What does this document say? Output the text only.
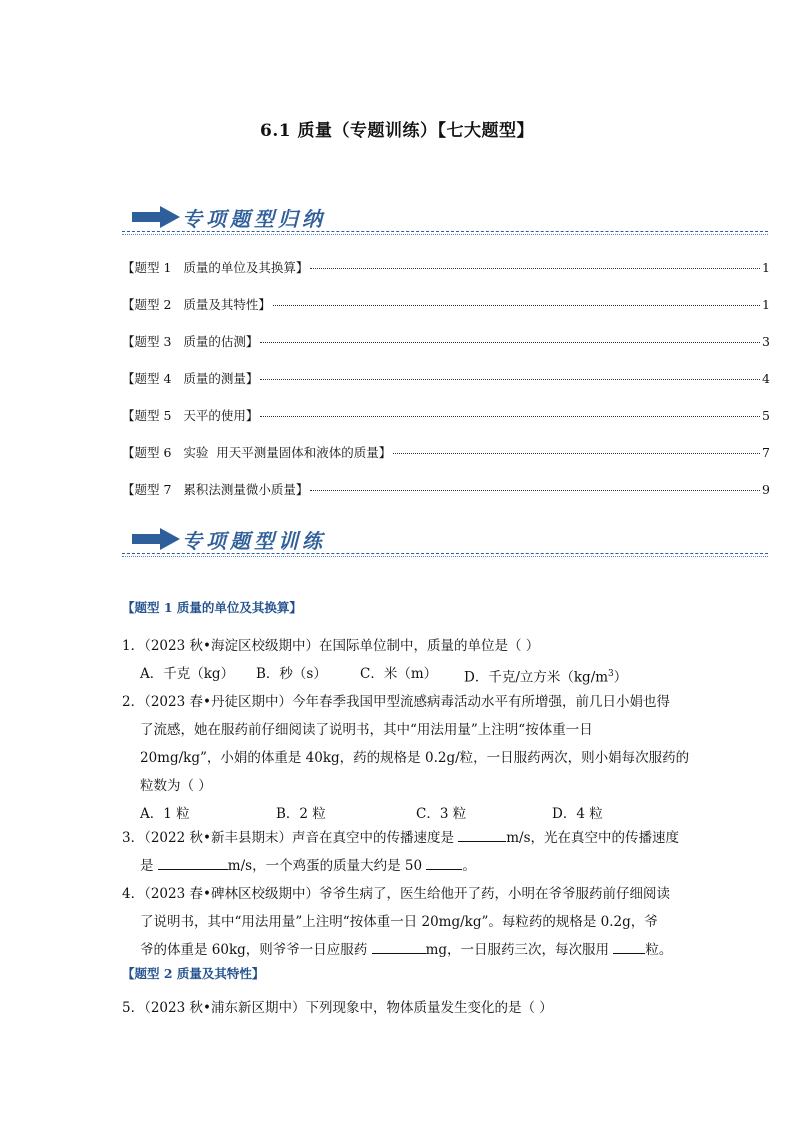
6.1 质量（专题训练）【七大题型】
专项题型归纳
【题型 1   质量的单位及其换算】	1
【题型 2   质量及其特性】	1
【题型 3   质量的估测】	3
【题型 4   质量的测量】	4
【题型 5   天平的使用】	5
【题型 6   实验  用天平测量固体和液体的质量】	7
【题型 7   累积法测量微小质量】	9
专项题型训练
【题型 1 质量的单位及其换算】
1．（2023 秋•海淀区校级期中）在国际单位制中，质量的单位是（ ）
A．千克（kg）	B．秒（s）	C．米（m）	D．千克/立方米$(kg/m^3)$
2．（2023 春•丹徒区期中）今年春季我国甲型流感病毒活动水平有所增强，前几日小娟也得
了流感，她在服药前仔细阅读了说明书，其中“用法用量”上注明“按体重一日
20mg/kg”，小娟的体重是 40kg，药的规格是 0.2g/粒，一日服药两次，则小娟每次服药的
粒数为（ ）
A．1 粒	B．2 粒	C．3 粒	D．4 粒
3．（2022 秋•新丰县期末）声音在真空中的传播速度是	m/s，光在真空中的传播速度
是	m/s，一个鸡蛋的质量大约是 50	。
4．（2023 春•碑林区校级期中）爷爷生病了，医生给他开了药，小明在爷爷服药前仔细阅读
了说明书，其中“用法用量”上注明“按体重一日 20mg/kg”。每粒药的规格是 0.2g，爷
爷的体重是 60kg，则爷爷一日应服药	mg，一日服药三次，每次服用 粒。
【题型 2 质量及其特性】
5．（2023 秋•浦东新区期中）下列现象中，物体质量发生变化的是（ ）
